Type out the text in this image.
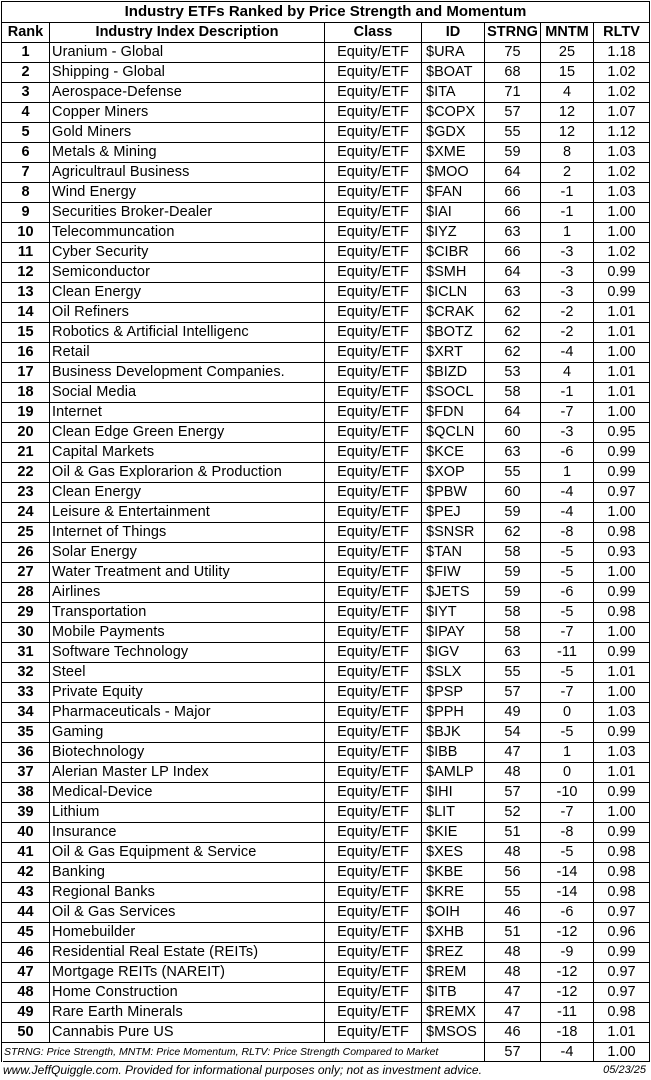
Industry ETFs Ranked by Price Strength and Momentum						
Rank	Industry Index Description	Class	ID	STRNG	MNTM	RLTV
1	Uranium - Global	Equity/ETF	$URA	75	25	1.18
2	Shipping - Global	Equity/ETF	$BOAT	68	15	1.02
3	Aerospace-Defense	Equity/ETF	$ITA	71	4	1.02
4	Copper Miners	Equity/ETF	$COPX	57	12	1.07
5	Gold Miners	Equity/ETF	$GDX	55	12	1.12
6	Metals & Mining	Equity/ETF	$XME	59	8	1.03
7	Agricultraul Business	Equity/ETF	$MOO	64	2	1.02
8	Wind Energy	Equity/ETF	$FAN	66	-1	1.03
9	Securities Broker-Dealer	Equity/ETF	$IAI	66	-1	1.00
10	Telecommuncation	Equity/ETF	$IYZ	63	1	1.00
11	Cyber Security	Equity/ETF	$CIBR	66	-3	1.02
12	Semiconductor	Equity/ETF	$SMH	64	-3	0.99
13	Clean Energy	Equity/ETF	$ICLN	63	-3	0.99
14	Oil Refiners	Equity/ETF	$CRAK	62	-2	1.01
15	Robotics & Artificial Intelligenc	Equity/ETF	$BOTZ	62	-2	1.01
16	Retail	Equity/ETF	$XRT	62	-4	1.00
17	Business Development Companies.	Equity/ETF	$BIZD	53	4	1.01
18	Social Media	Equity/ETF	$SOCL	58	-1	1.01
19	Internet	Equity/ETF	$FDN	64	-7	1.00
20	Clean Edge Green Energy	Equity/ETF	$QCLN	60	-3	0.95
21	Capital Markets	Equity/ETF	$KCE	63	-6	0.99
22	Oil & Gas Explorarion & Production	Equity/ETF	$XOP	55	1	0.99
23	Clean Energy	Equity/ETF	$PBW	60	-4	0.97
24	Leisure & Entertainment	Equity/ETF	$PEJ	59	-4	1.00
25	Internet of Things	Equity/ETF	$SNSR	62	-8	0.98
26	Solar Energy	Equity/ETF	$TAN	58	-5	0.93
27	Water Treatment and Utility	Equity/ETF	$FIW	59	-5	1.00
28	Airlines	Equity/ETF	$JETS	59	-6	0.99
29	Transportation	Equity/ETF	$IYT	58	-5	0.98
30	Mobile Payments	Equity/ETF	$IPAY	58	-7	1.00
31	Software Technology	Equity/ETF	$IGV	63	-11	0.99
32	Steel	Equity/ETF	$SLX	55	-5	1.01
33	Private Equity	Equity/ETF	$PSP	57	-7	1.00
34	Pharmaceuticals - Major	Equity/ETF	$PPH	49	0	1.03
35	Gaming	Equity/ETF	$BJK	54	-5	0.99
36	Biotechnology	Equity/ETF	$IBB	47	1	1.03
37	Alerian Master LP Index	Equity/ETF	$AMLP	48	0	1.01
38	Medical-Device	Equity/ETF	$IHI	57	-10	0.99
39	Lithium	Equity/ETF	$LIT	52	-7	1.00
40	Insurance	Equity/ETF	$KIE	51	-8	0.99
41	Oil & Gas Equipment & Service	Equity/ETF	$XES	48	-5	0.98
42	Banking	Equity/ETF	$KBE	56	-14	0.98
43	Regional Banks	Equity/ETF	$KRE	55	-14	0.98
44	Oil & Gas Services	Equity/ETF	$OIH	46	-6	0.97
45	Homebuilder	Equity/ETF	$XHB	51	-12	0.96
46	Residential Real Estate (REITs)	Equity/ETF	$REZ	48	-9	0.99
47	Mortgage REITs (NAREIT)	Equity/ETF	$REM	48	-12	0.97
48	Home Construction	Equity/ETF	$ITB	47	-12	0.97
49	Rare Earth Minerals	Equity/ETF	$REMX	47	-11	0.98
50	Cannabis Pure US	Equity/ETF	$MSOS	46	-18	1.01
STRNG: Price Strength, MNTM: Price Momentum, RLTV: Price Strength Compared to Market				57	-4	1.00
www.JeffQuiggle.com. Provided for informational purposes only; not as investment advice.	05/23/25
